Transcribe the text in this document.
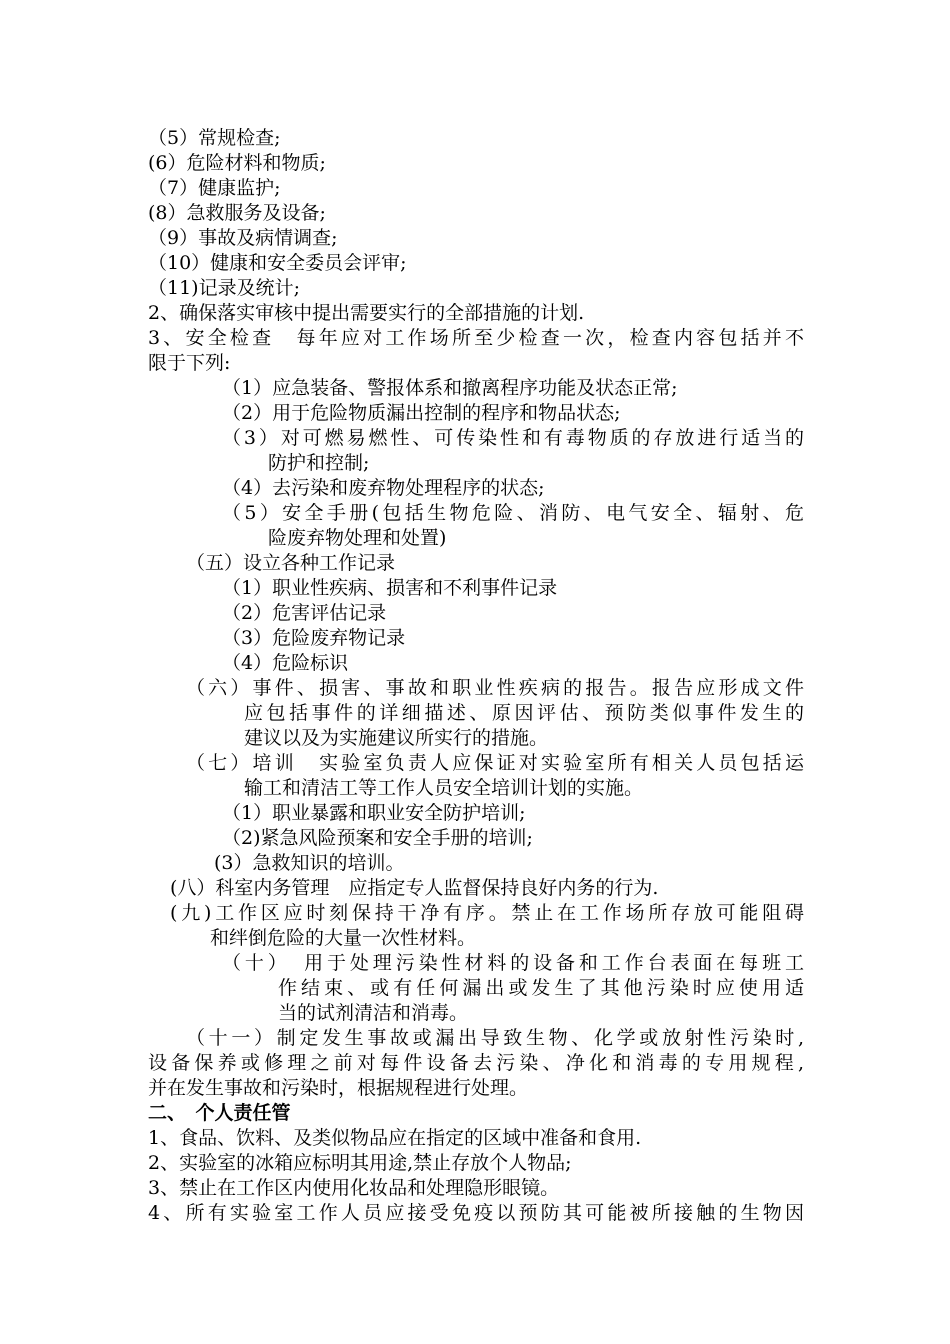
（5）常规检查;
(6）危险材料和物质;
（7）健康监护;
(8）急救服务及设备;
（9）事故及病情调查;
（10）健康和安全委员会评审;
（11)记录及统计;
2、确保落实审核中提出需要实行的全部措施的计划.
3、安全检查　每年应对工作场所至少检查一次，检查内容包括并不
限于下列:
（1）应急装备、警报体系和撤离程序功能及状态正常;
（2）用于危险物质漏出控制的程序和物品状态;
（3）对可燃易燃性、可传染性和有毒物质的存放进行适当的
防护和控制;
（4）去污染和废弃物处理程序的状态;
（5）安全手册(包括生物危险、消防、电气安全、辐射、危
险废弃物处理和处置)
（五）设立各种工作记录
（1）职业性疾病、损害和不利事件记录
（2）危害评估记录
（3）危险废弃物记录
（4）危险标识
（六）事件、损害、事故和职业性疾病的报告。报告应形成文件
应包括事件的详细描述、原因评估、预防类似事件发生的
建议以及为实施建议所实行的措施。
（七）培训　实验室负责人应保证对实验室所有相关人员包括运
输工和清洁工等工作人员安全培训计划的实施。
（1）职业暴露和职业安全防护培训;
（2)紧急风险预案和安全手册的培训;
(3）急救知识的培训。
(八）科室内务管理　应指定专人监督保持良好内务的行为.
(九)工作区应时刻保持干净有序。禁止在工作场所存放可能阻碍
和绊倒危险的大量一次性材料。
（十）　用于处理污染性材料的设备和工作台表面在每班工
作结束、或有任何漏出或发生了其他污染时应使用适
当的试剂清洁和消毒。
（十一）制定发生事故或漏出导致生物、化学或放射性污染时,
设备保养或修理之前对每件设备去污染、净化和消毒的专用规程,
并在发生事故和污染时，根据规程进行处理。
二、　个人责任管
1、食品、饮料、及类似物品应在指定的区域中准备和食用.
2、实验室的冰箱应标明其用途,禁止存放个人物品;
3、禁止在工作区内使用化妆品和处理隐形眼镜。
4、所有实验室工作人员应接受免疫以预防其可能被所接触的生物因
